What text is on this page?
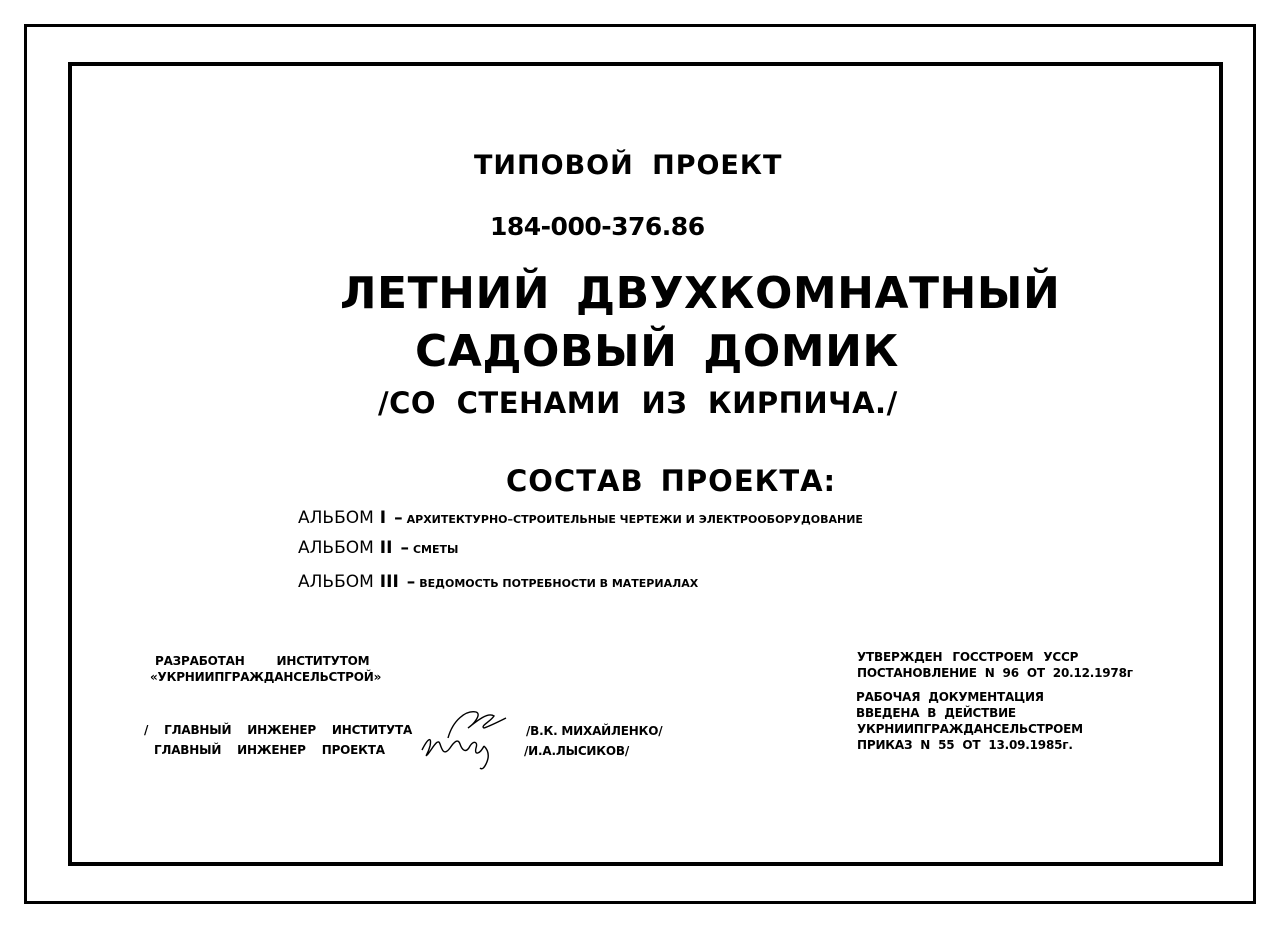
ТИПОВОЙ ПРОЕКТ
184-000-376.86
ЛЕТНИЙ ДВУХКОМНАТНЫЙ
САДОВЫЙ ДОМИК
/СО СТЕНАМИ ИЗ КИРПИЧА./
СОСТАВ ПРОЕКТА:
АЛЬБОМ I – АРХИТЕКТУРНО–СТРОИТЕЛЬНЫЕ ЧЕРТЕЖИ И ЭЛЕКТРООБОРУДОВАНИЕ
АЛЬБОМ II – СМЕТЫ
АЛЬБОМ III – ВЕДОМОСТЬ ПОТРЕБНОСТИ В МАТЕРИАЛАХ
РАЗРАБОТАН ИНСТИТУТОМ
«УКРНИИПГРАЖДАНСЕЛЬСТРОЙ»
/ ГЛАВНЫЙ ИНЖЕНЕР ИНСТИТУТА
ГЛАВНЫЙ ИНЖЕНЕР ПРОЕКТА
/В.К. МИХАЙЛЕНКО/
/И.А.ЛЫСИКОВ/
УТВЕРЖДЕН ГОССТРОЕМ УССР
ПОСТАНОВЛЕНИЕ N 96 ОТ 20.12.1978г
РАБОЧАЯ ДОКУМЕНТАЦИЯ
ВВЕДЕНА В ДЕЙСТВИЕ
УКРНИИПГРАЖДАНСЕЛЬСТРОЕМ
ПРИКАЗ N 55 ОТ 13.09.1985г.
